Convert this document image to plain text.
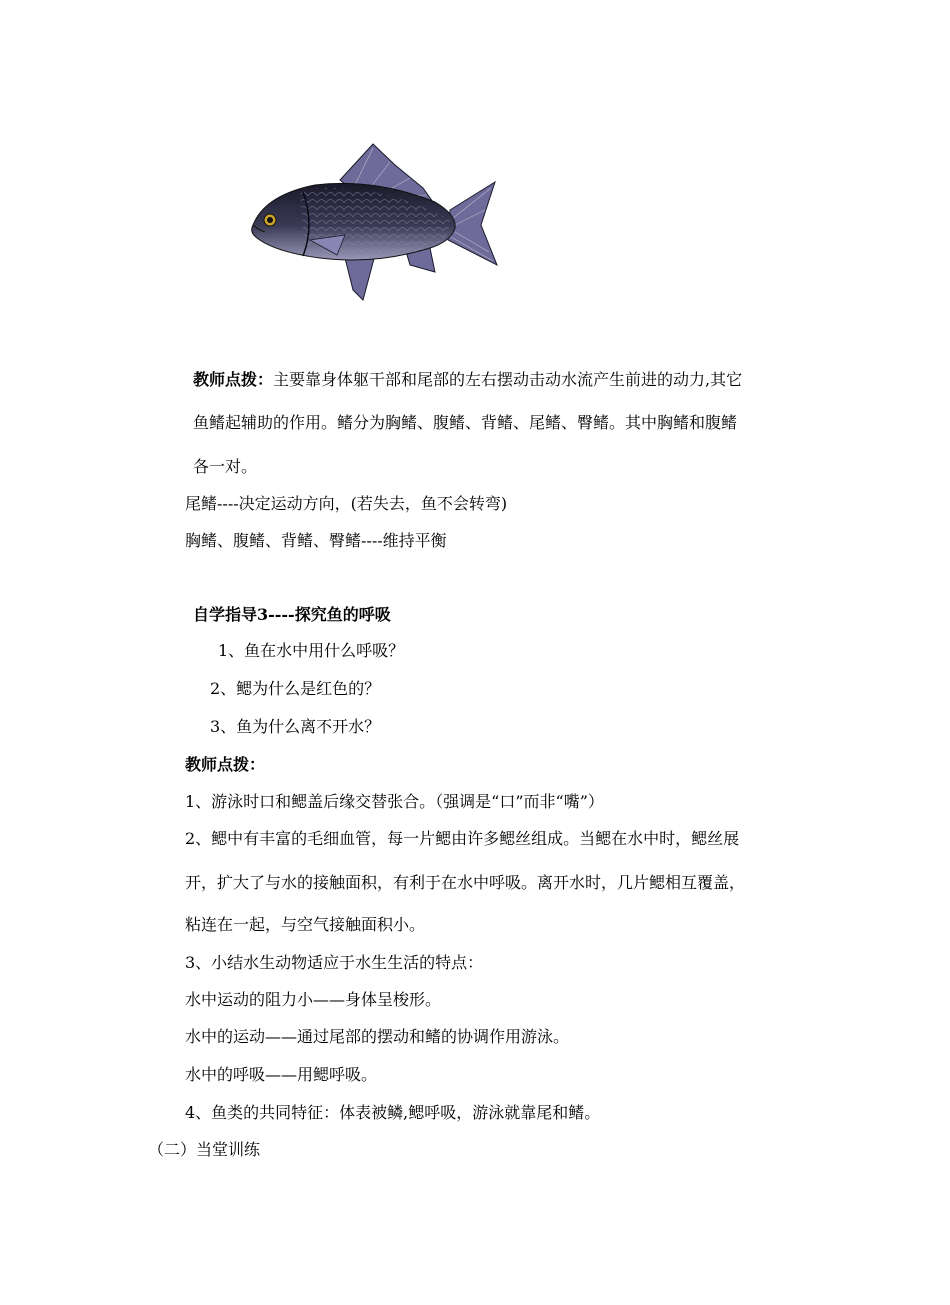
教师点拨：主要靠身体躯干部和尾部的左右摆动击动水流产生前进的动力,其它
鱼鳍起辅助的作用。鳍分为胸鳍、腹鳍、背鳍、尾鳍、臀鳍。其中胸鳍和腹鳍
各一对。
尾鳍----决定运动方向，(若失去，鱼不会转弯)
胸鳍、腹鳍、背鳍、臀鳍----维持平衡
自学指导3----探究鱼的呼吸
1、鱼在水中用什么呼吸？
2、鳃为什么是红色的？
3、鱼为什么离不开水？
教师点拨：
1、游泳时口和鳃盖后缘交替张合。（强调是“口”而非“嘴”）
2、鳃中有丰富的毛细血管，每一片鳃由许多鳃丝组成。当鳃在水中时，鳃丝展
开，扩大了与水的接触面积，有利于在水中呼吸。离开水时，几片鳃相互覆盖，
粘连在一起，与空气接触面积小。
3、小结水生动物适应于水生生活的特点：
水中运动的阻力小——身体呈梭形。
水中的运动——通过尾部的摆动和鳍的协调作用游泳。
水中的呼吸——用鳃呼吸。
4、鱼类的共同特征：体表被鳞,鳃呼吸，游泳就靠尾和鳍。
（二）当堂训练
